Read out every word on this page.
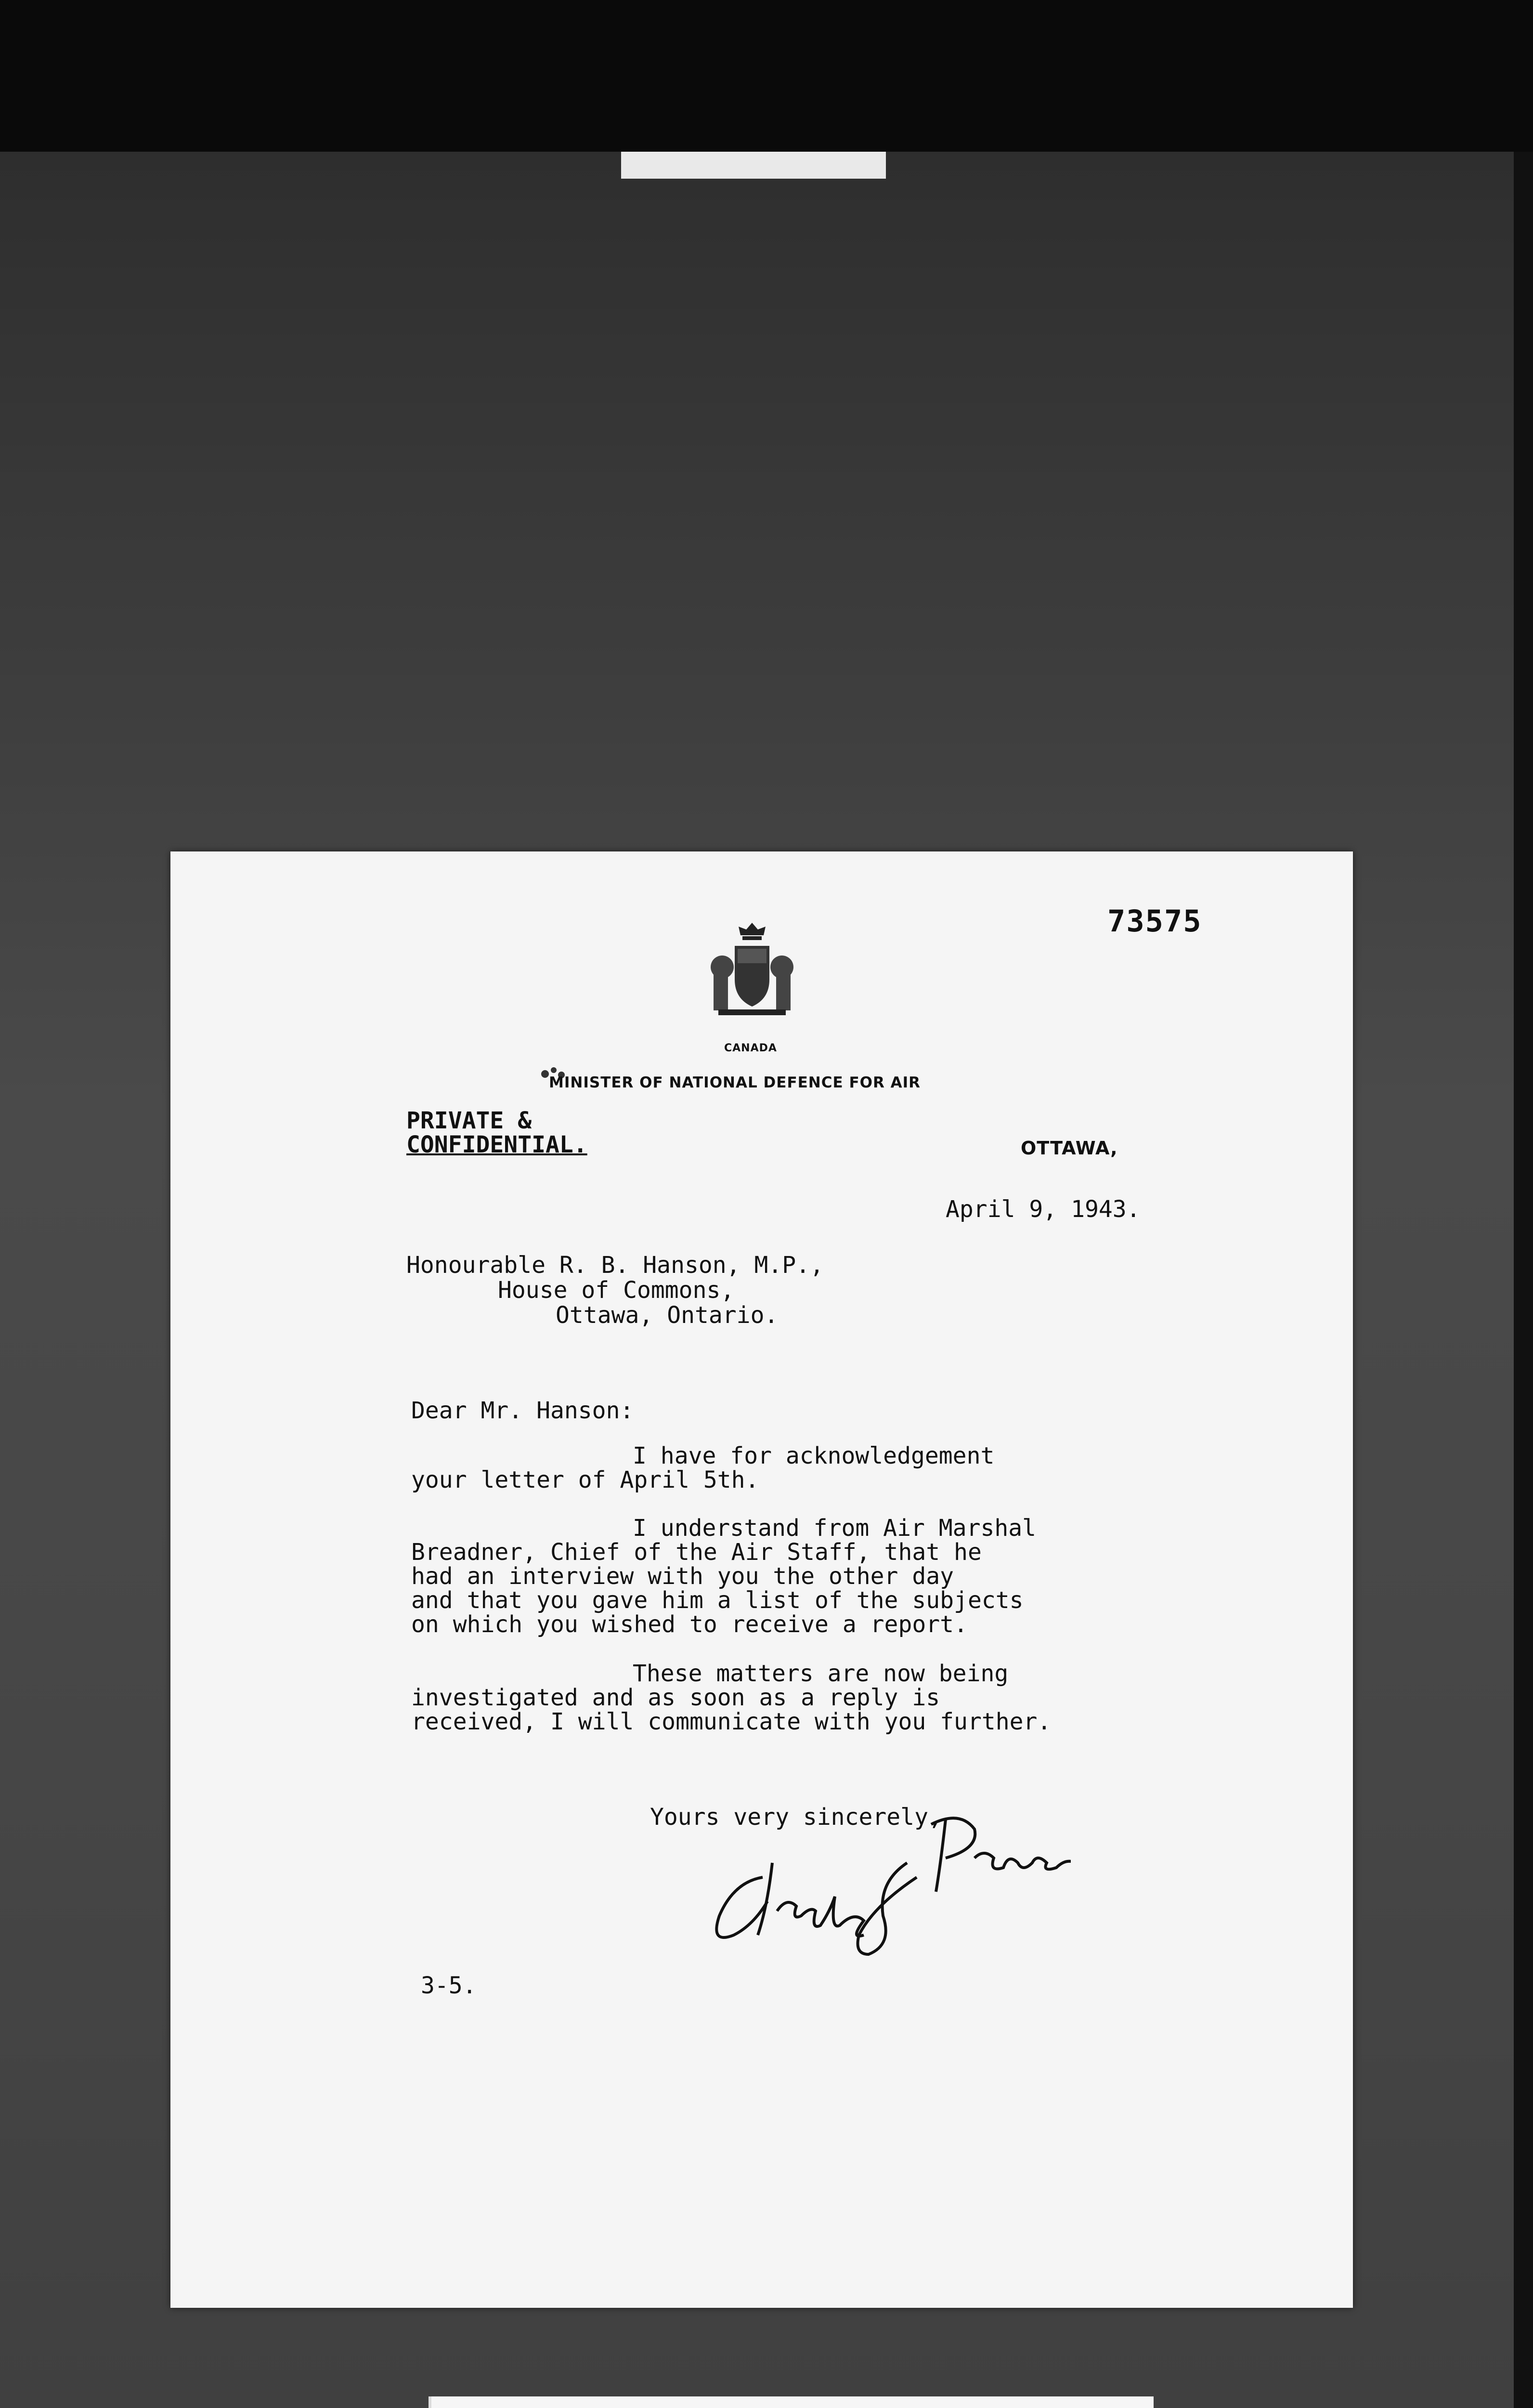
73575
CANADA
MINISTER OF NATIONAL DEFENCE FOR AIR
PRIVATE &
CONFIDENTIAL.	OTTAWA,
April 9, 1943.
Honourable R. B. Hanson, M.P.,
House of Commons,
Ottawa, Ontario.
Dear Mr. Hanson:
I have for acknowledgement
your letter of April 5th.
I understand from Air Marshal
Breadner, Chief of the Air Staff, that he
had an interview with you the other day
and that you gave him a list of the subjects
on which you wished to receive a report.
These matters are now being
investigated and as soon as a reply is
received, I will communicate with you further.
Yours very sincerely,
3-5.
